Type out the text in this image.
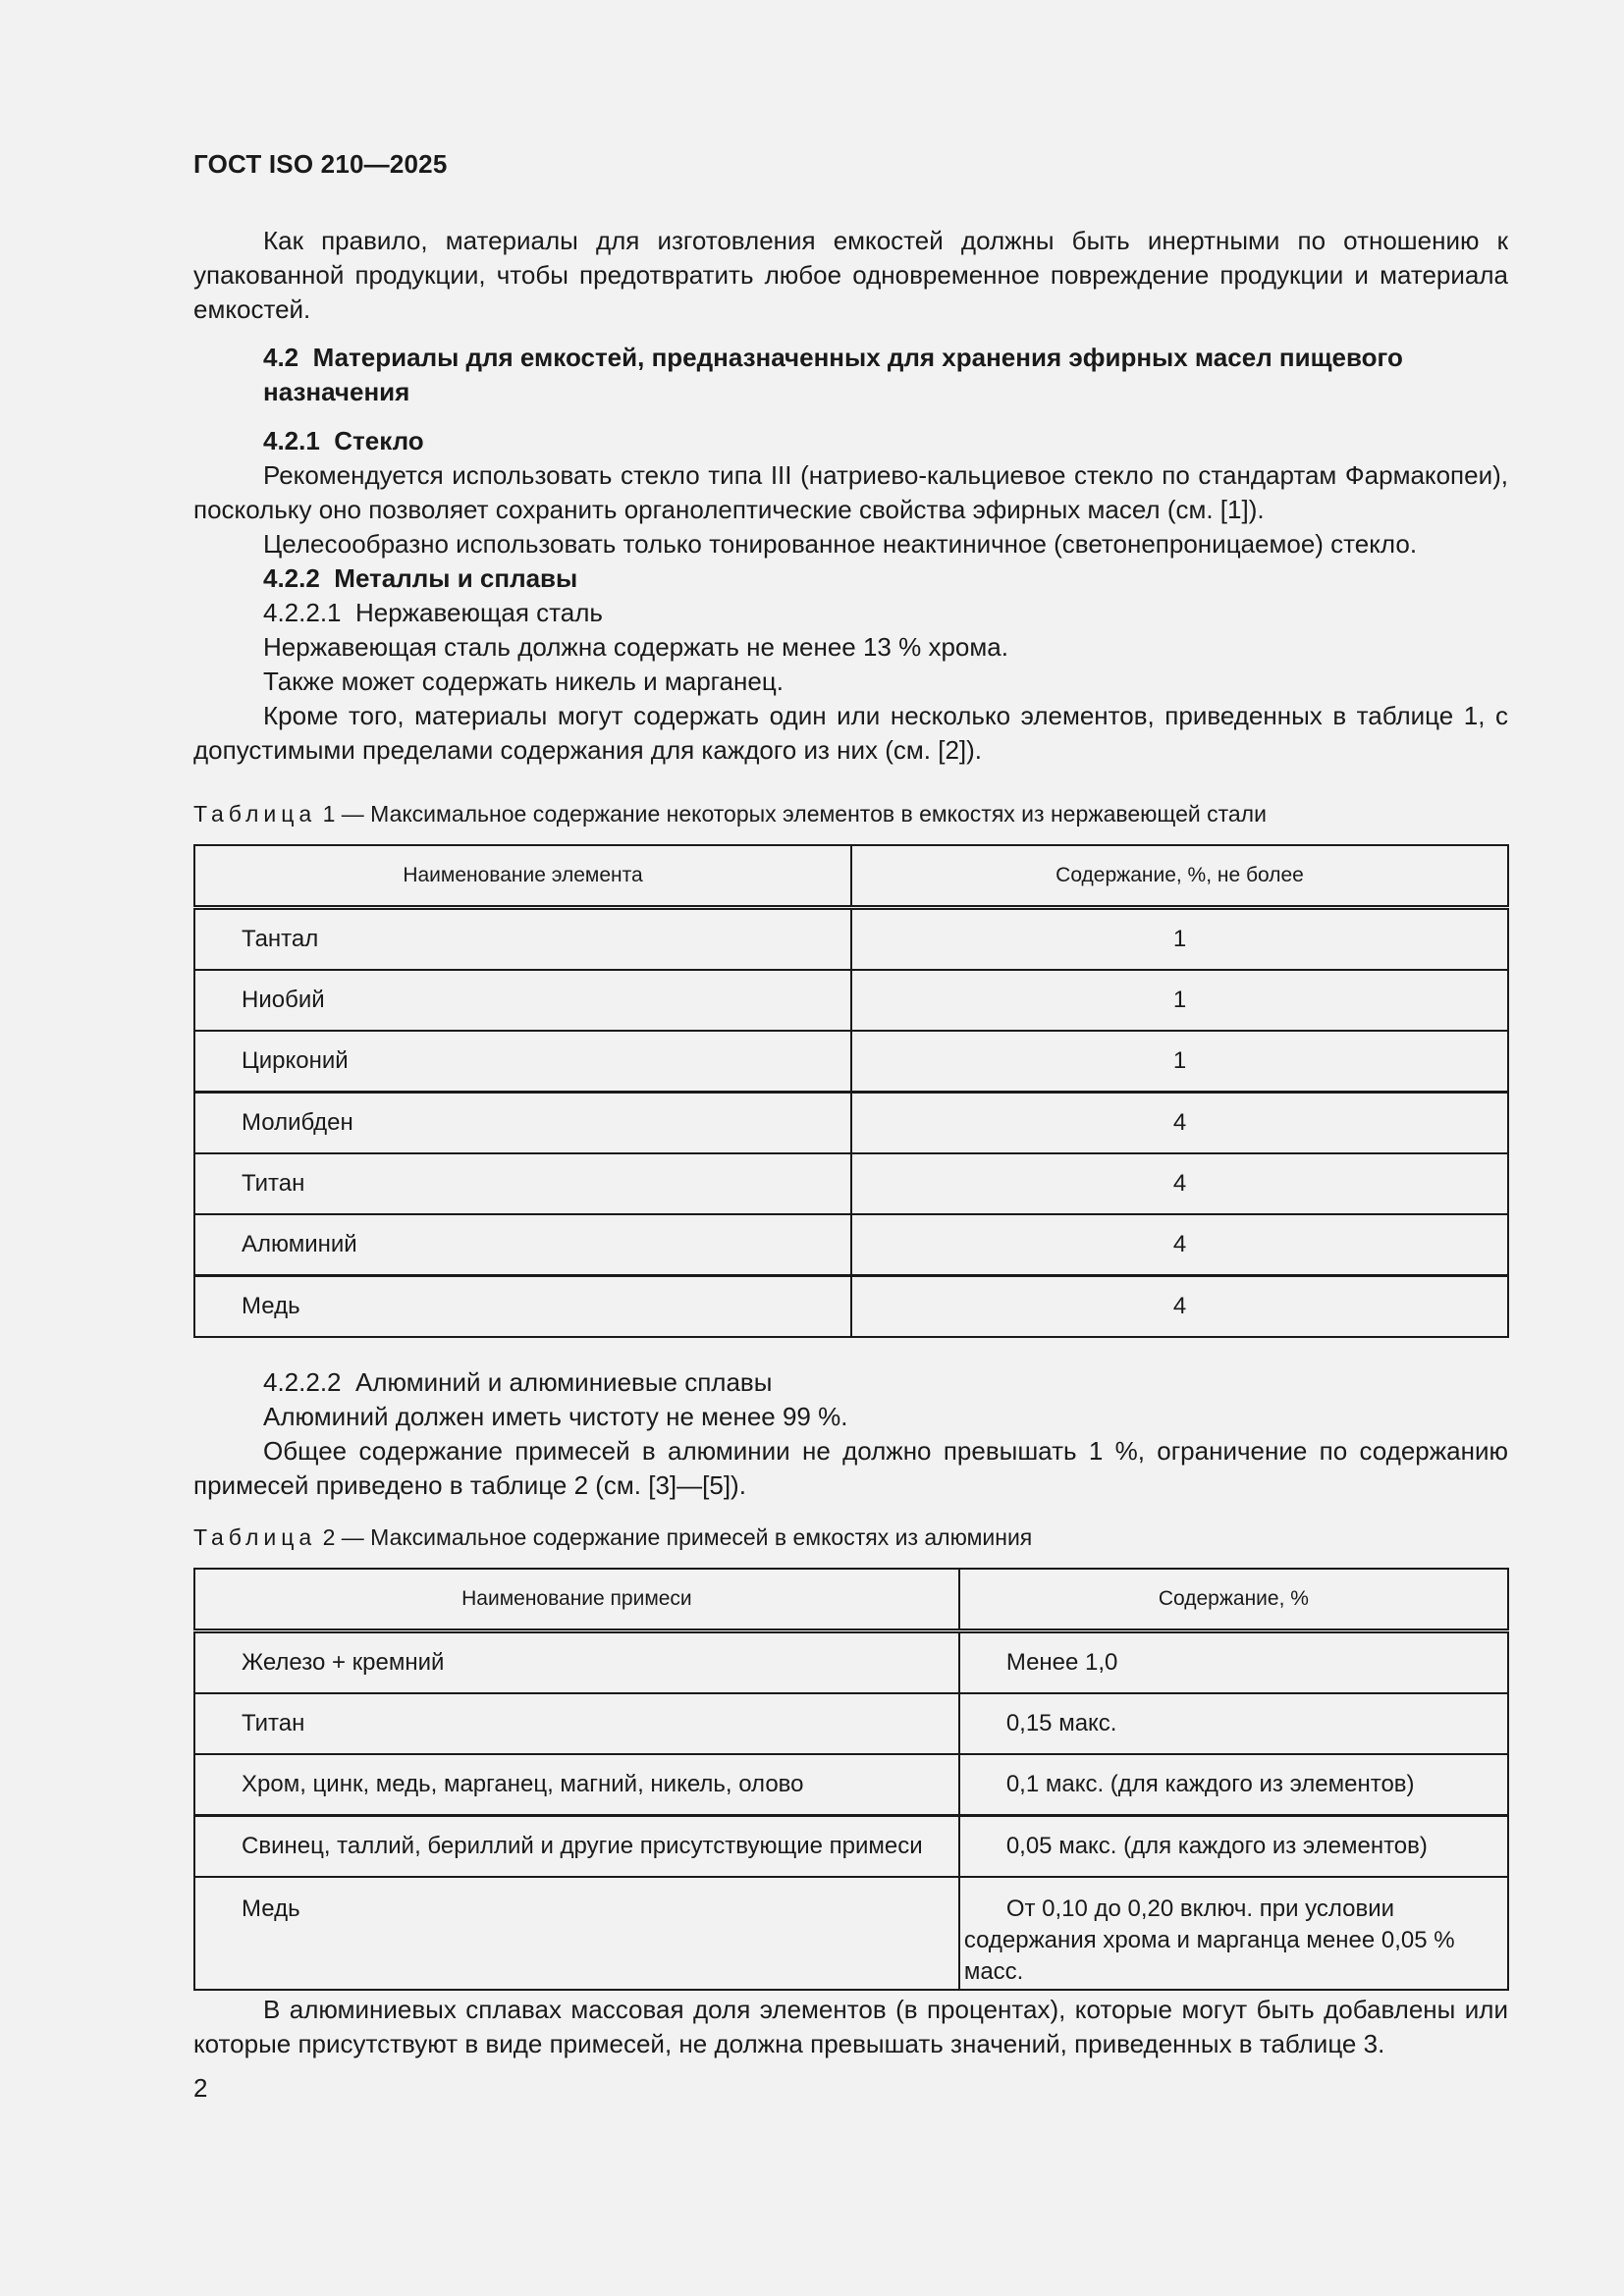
ГОСТ ISO 210—2025

Как правило, материалы для изготовления емкостей должны быть инертными по отношению к упакованной продукции, чтобы предотвратить любое одновременное повреждение продукции и материала емкостей.

4.2 Материалы для емкостей, предназначенных для хранения эфирных масел пищевого назначения

4.2.1 Стекло

Рекомендуется использовать стекло типа III (натриево-кальциевое стекло по стандартам Фармакопеи), поскольку оно позволяет сохранить органолептические свойства эфирных масел (см. [1]).

Целесообразно использовать только тонированное неактиничное (светонепроницаемое) стекло.

4.2.2 Металлы и сплавы

4.2.2.1 Нержавеющая сталь

Нержавеющая сталь должна содержать не менее 13 % хрома.

Также может содержать никель и марганец.

Кроме того, материалы могут содержать один или несколько элементов, приведенных в таблице 1, с допустимыми пределами содержания для каждого из них (см. [2]).

Таблица 1 — Максимальное содержание некоторых элементов в емкостях из нержавеющей стали
Наименование элемента	Содержание, %, не более
Тантал	1
Ниобий	1
Цирконий	1
Молибден	4
Титан	4
Алюминий	4
Медь	4

4.2.2.2 Алюминий и алюминиевые сплавы

Алюминий должен иметь чистоту не менее 99 %.

Общее содержание примесей в алюминии не должно превышать 1 %, ограничение по содержанию примесей приведено в таблице 2 (см. [3]—[5]).

Таблица 2 — Максимальное содержание примесей в емкостях из алюминия
Наименование примеси	Содержание, %
Железо + кремний	Менее 1,0
Титан	0,15 макс.
Хром, цинк, медь, марганец, магний, никель, олово	0,1 макс. (для каждого из элементов)
Свинец, таллий, бериллий и другие присутствующие примеси	0,05 макс. (для каждого из элементов)
Медь	От 0,10 до 0,20 включ. при условии содержания хрома и марганца менее 0,05 % масс.

В алюминиевых сплавах массовая доля элементов (в процентах), которые могут быть добавлены или которые присутствуют в виде примесей, не должна превышать значений, приведенных в таблице 3.

2
